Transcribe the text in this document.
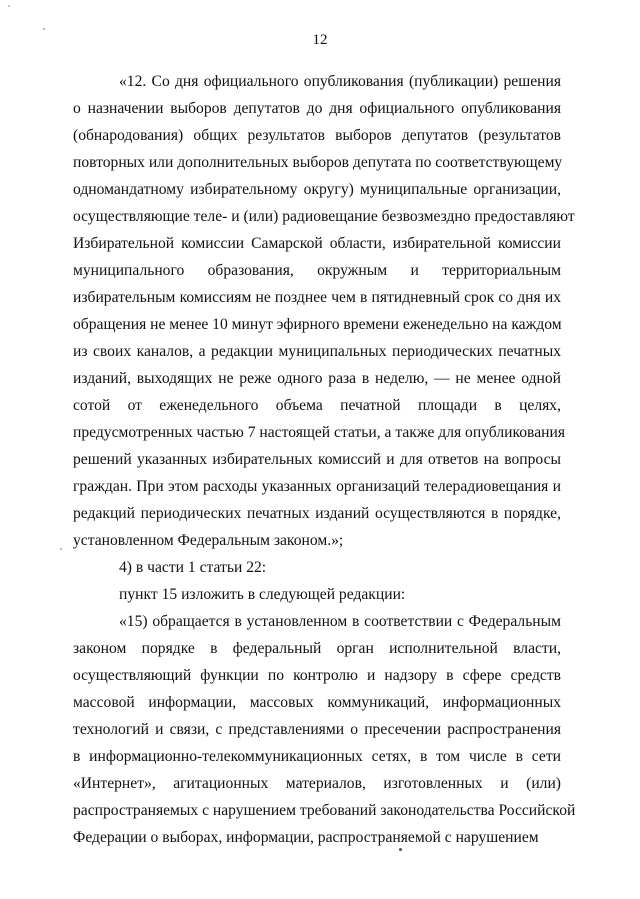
12
«12. Со дня официального опубликования (публикации) решения
о назначении выборов депутатов до дня официального опубликования
(обнародования) общих результатов выборов депутатов (результатов
повторных или дополнительных выборов депутата по соответствующему
одномандатному избирательному округу) муниципальные организации,
осуществляющие теле- и (или) радиовещание безвозмездно предоставляют
Избирательной комиссии Самарской области, избирательной комиссии
муниципального образования, окружным и территориальным
избирательным комиссиям не позднее чем в пятидневный срок со дня их
обращения не менее 10 минут эфирного времени еженедельно на каждом
из своих каналов, а редакции муниципальных периодических печатных
изданий, выходящих не реже одного раза в неделю, — не менее одной
сотой от еженедельного объема печатной площади в целях,
предусмотренных частью 7 настоящей статьи, а также для опубликования
решений указанных избирательных комиссий и для ответов на вопросы
граждан. При этом расходы указанных организаций телерадиовещания и
редакций периодических печатных изданий осуществляются в порядке,
установленном Федеральным законом.»;
4) в части 1 статьи 22:
пункт 15 изложить в следующей редакции:
«15) обращается в установленном в соответствии с Федеральным
законом порядке в федеральный орган исполнительной власти,
осуществляющий функции по контролю и надзору в сфере средств
массовой информации, массовых коммуникаций, информационных
технологий и связи, с представлениями о пресечении распространения
в информационно-телекоммуникационных сетях, в том числе в сети
«Интернет», агитационных материалов, изготовленных и (или)
распространяемых с нарушением требований законодательства Российской
Федерации о выборах, информации, распространяемой с нарушением
